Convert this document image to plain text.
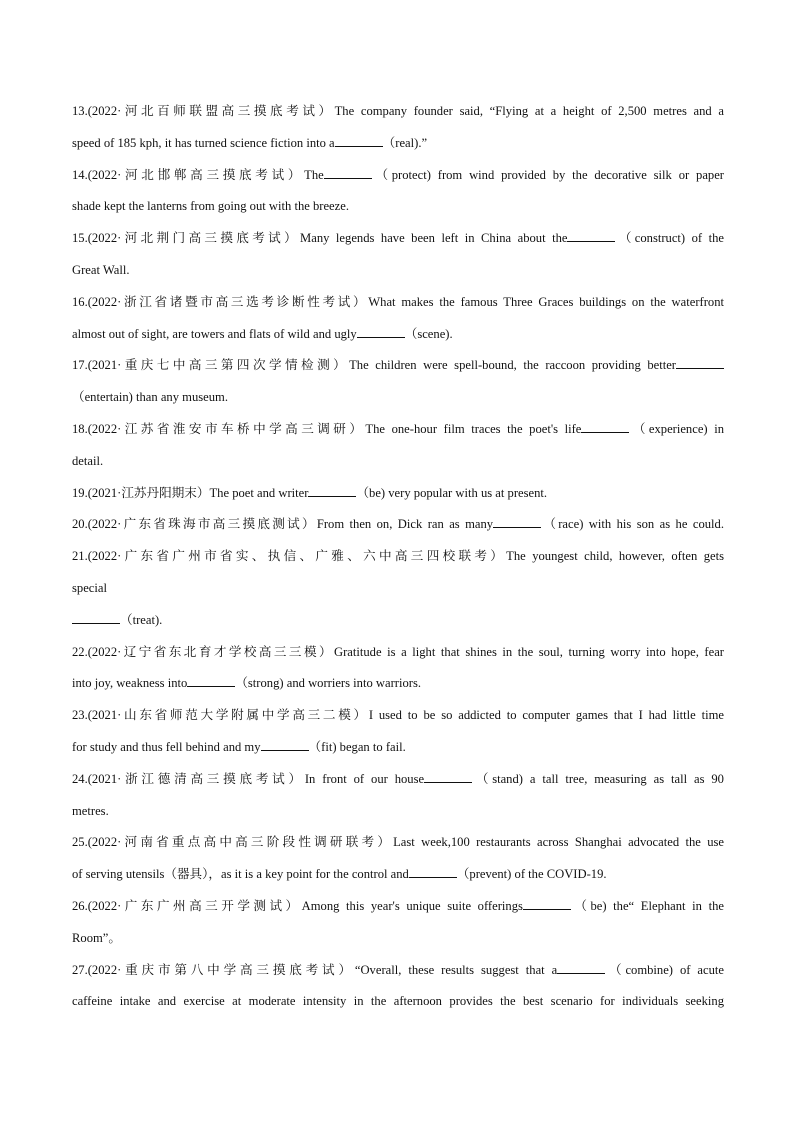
13.(2022·河北百师联盟高三摸底考试）The company founder said, “Flying at a height of 2,500 metres and a
speed of 185 kph, it has turned science fiction into a	（real).”
14.(2022·河北邯郸高三摸底考试）The	（protect) from wind provided by the decorative silk or paper
shade kept the lanterns from going out with the breeze.
15.(2022·河北荆门高三摸底考试）Many legends have been left in China about the	（construct) of the
Great Wall.
16.(2022·浙江省诸暨市高三选考诊断性考试）What makes the famous Three Graces buildings on the waterfront
almost out of sight, are towers and flats of wild and ugly	（scene).
17.(2021·重庆七中高三第四次学情检测）The children were spell-bound, the raccoon providing better
（entertain) than any museum.
18.(2022·江苏省淮安市车桥中学高三调研）The one-hour film traces the poet's life	（experience) in
detail.
19.(2021·江苏丹阳期末）The poet and writer	（be) very popular with us at present.
20.(2022·广东省珠海市高三摸底测试）From then on, Dick ran as many	（race) with his son as he could.
21.(2022·广东省广州市省实、执信、广雅、六中高三四校联考）The youngest child, however, often gets
special
（treat).
22.(2022·辽宁省东北育才学校高三三模）Gratitude is a light that shines in the soul, turning worry into hope, fear
into joy, weakness into	（strong) and worriers into warriors.
23.(2021·山东省师范大学附属中学高三二模）I used to be so addicted to computer games that I had little time
for study and thus fell behind and my	（fit) began to fail.
24.(2021·浙江德清高三摸底考试）In front of our house	（stand) a tall tree, measuring as tall as 90
metres.
25.(2022·河南省重点高中高三阶段性调研联考）Last week,100 restaurants across Shanghai advocated the use
of serving utensils（器具），as it is a key point for the control and	（prevent) of the COVID-19.
26.(2022·广东广州高三开学测试）Among this year's unique suite offerings	（be) the“ Elephant in the
Room”。
27.(2022·重庆市第八中学高三摸底考试）“Overall, these results suggest that a	（combine) of acute
caffeine intake and exercise at moderate intensity in the afternoon provides the best scenario for individuals seeking
